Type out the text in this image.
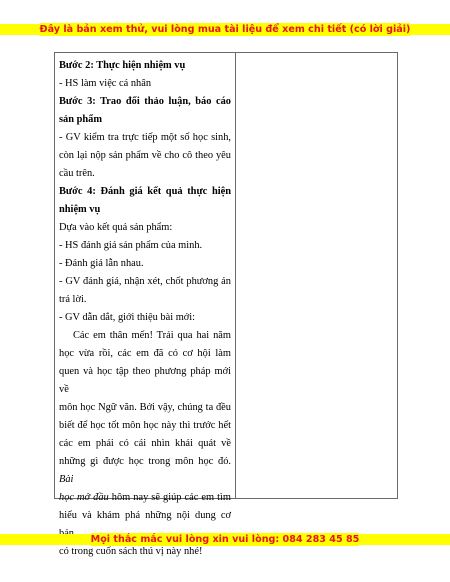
Đây là bản xem thử, vui lòng mua tài liệu để xem chi tiết (có lời giải)

Bước 2: Thực hiện nhiệm vụ

- HS làm việc cá nhân

Bước 3: Trao đổi thảo luận, báo cáo

sản phẩm

- GV kiểm tra trực tiếp một số học sinh,

còn lại nộp sản phẩm về cho cô theo yêu

cầu trên.

Bước 4: Đánh giá kết quả thực hiện

nhiệm vụ

Dựa vào kết quả sản phẩm:

- HS đánh giá sản phẩm của mình.

- Đánh giá lẫn nhau.

- GV đánh giá, nhận xét, chốt phương án

trả lời.

- GV dẫn dắt, giới thiệu bài mới:

Các em thân mến! Trải qua hai năm

học vừa rồi, các em đã có cơ hội làm

quen và học tập theo phương pháp mới về

môn học Ngữ văn. Bởi vậy, chúng ta đều

biết để học tốt môn học này thì trước hết

các em phải có cái nhìn khái quát về

những gì được học trong môn học đó. Bài

học mở đầu hôm nay sẽ giúp các em tìm

hiểu và khám phá những nội dung cơ

có trong cuốn sách thú vị này nhé!

Mọi thắc mắc vui lòng xin vui lòng: 084 283 45 85
